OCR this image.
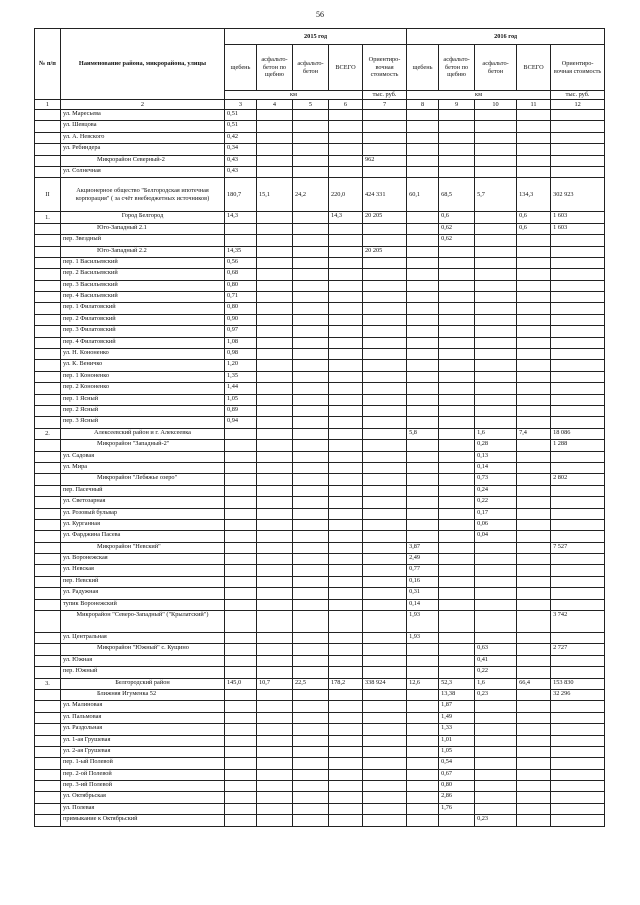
56
№ п/п	Наименование района, микрорайона, улицы	2015 год					2016 год				
		щебень	асфальто-бетон по щебню	асфальто-бетон	ВСЕГО	Ориентиро-вочная стоимость	щебень	асфальто-бетон по щебню	асфальто-бетон	ВСЕГО	Ориентиро-вочная стоимость
		км				тыс. руб.	км				тыс. руб.
1	2	3	4	5	6	7	8	9	10	11	12
	ул. Маресьева	0,51									
	ул. Шевцова	0,51									
	ул. А. Невского	0,42									
	ул. Ребиндера	0,34									
	Микрорайон Северный-2	0,43				962					
	ул. Солнечная	0,43									
II	Акционерное общество "Белгородская ипотечная корпорация" ( за счёт внебюджетных источников)	180,7	15,1	24,2	220,0	424 331	60,1	68,5	5,7	134,3	302 923
1.	Город Белгород	14,3			14,3	20 205		0,6		0,6	1 603
	Юго-Западный 2.1							0,62		0,6	1 603
	пер. Звездный							0,62			
	Юго-Западный 2.2	14,35				20 205					
	пер. 1 Васильевский	0,56									
	пер. 2 Васильевский	0,68									
	пер. 3 Васильевский	0,80									
	пер. 4 Васильевский	0,71									
	пер. 1 Филатовский	0,80									
	пер. 2 Филатовский	0,90									
	пер. 3 Филатовский	0,97									
	пер. 4 Филатовский	1,08									
	ул. Н. Кононенко	0,98									
	ул. К. Веничко	1,20									
	пер. 1 Кононенко	1,35									
	пер. 2 Кононенко	1,44									
	пер. 1 Ясный	1,05									
	пер. 2 Ясный	0,89									
	пер. 3 Ясный	0,94									
2.	Алексеевский район и г. Алексеевка						5,8		1,6	7,4	18 086
	Микрорайон "Западный-2"								0,28		1 288
	ул. Садовая								0,13		
	ул. Мира								0,14		
	Микрорайон "Лебяжье озеро"								0,73		2 802
	пер. Пасечный								0,24		
	ул. Светозарная								0,22		
	ул. Розовый бульвар								0,17		
	ул. Курганная								0,06		
	ул. Фарджина Пасева								0,04		
	Микрорайон "Невский"						3,87				7 527
	ул. Воронежская						2,49				
	ул. Невская						0,77				
	пер. Невский						0,16				
	ул. Радужная						0,31				
	тупик Воронежский						0,14				
	Микрорайон "Северо-Западный" ("Крылатский")						1,93				3 742
	ул. Центральная						1,93				
	Микрорайон "Южный" с. Кущино								0,63		2 727
	ул. Южная								0,41		
	пер. Южный								0,22		
3.	Белгородский район	145,0	10,7	22,5	178,2	338 924	12,6	52,3	1,6	66,4	153 830
	Ближняя Игуменка 52							13,38	0,23		32 296
	ул. Малиновая							1,87			
	ул. Пальмовая							1,49			
	ул. Раздольная							1,33			
	ул. 1-ая Грушевая							1,01			
	ул. 2-ая Грушевая							1,05			
	пер. 1-ый Полевой							0,54			
	пер. 2-ой Полевой							0,67			
	пер. 3-ий Полевой							0,80			
	ул. Октябрьская							2,86			
	ул. Полевая							1,76			
	примыкание к Октябрьский								0,23		
